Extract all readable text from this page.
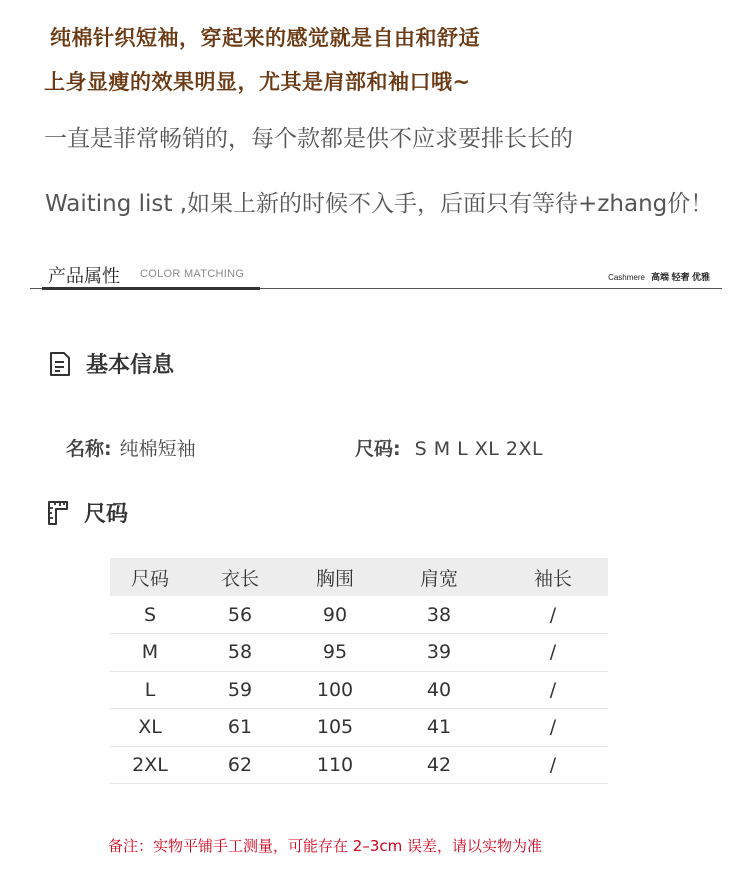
纯棉针织短袖，穿起来的感觉就是自由和舒适
上身显瘦的效果明显，尤其是肩部和袖口哦~
一直是菲常畅销的，每个款都是供不应求要排长长的
Waiting list ,如果上新的时候不入手，后面只有等待+zhang价！
产品属性 COLOR MATCHING	Cashmere 高端 轻奢 优雅
基本信息
名称: 纯棉短袖	尺码: S M L XL 2XL
尺码
尺码	衣长	胸围	肩宽	袖长
S	56	90	38	/
M	58	95	39	/
L	59	100	40	/
XL	61	105	41	/
2XL	62	110	42	/
备注：实物平铺手工测量，可能存在 2–3cm 误差，请以实物为准
